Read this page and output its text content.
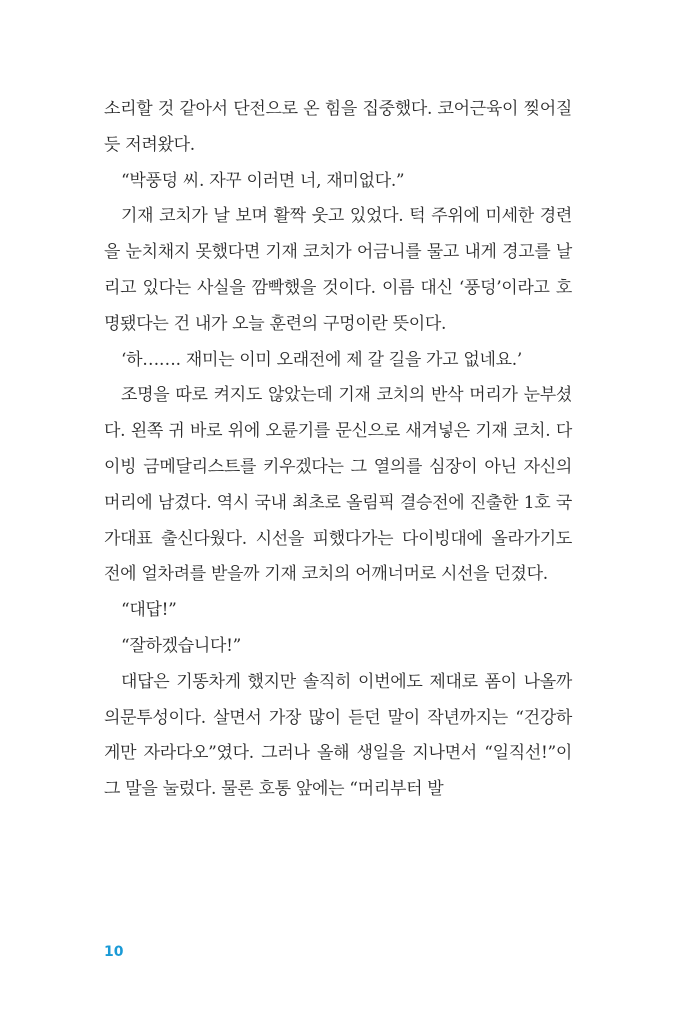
소리할 것 같아서 단전으로 온 힘을 집중했다. 코어근육이 찢어질 듯 저려왔다.

“박풍덩 씨. 자꾸 이러면 너, 재미없다.”

기재 코치가 날 보며 활짝 웃고 있었다. 턱 주위에 미세한 경련을 눈치채지 못했다면 기재 코치가 어금니를 물고 내게 경고를 날리고 있다는 사실을 깜빡했을 것이다. 이름 대신 ‘풍덩’이라고 호명됐다는 건 내가 오늘 훈련의 구멍이란 뜻이다.

‘하……. 재미는 이미 오래전에 제 갈 길을 가고 없네요.’

조명을 따로 켜지도 않았는데 기재 코치의 반삭 머리가 눈부셨다. 왼쪽 귀 바로 위에 오륜기를 문신으로 새겨넣은 기재 코치. 다이빙 금메달리스트를 키우겠다는 그 열의를 심장이 아닌 자신의 머리에 남겼다. 역시 국내 최초로 올림픽 결승전에 진출한 1호 국가대표 출신다웠다. 시선을 피했다가는 다이빙대에 올라가기도 전에 얼차려를 받을까 기재 코치의 어깨너머로 시선을 던졌다.

“대답!”

“잘하겠습니다!”

대답은 기똥차게 했지만 솔직히 이번에도 제대로 폼이 나올까 의문투성이다. 살면서 가장 많이 듣던 말이 작년까지는 “건강하게만 자라다오”였다. 그러나 올해 생일을 지나면서 “일직선!”이 그 말을 눌렀다. 물론 호통 앞에는 “머리부터 발

10
